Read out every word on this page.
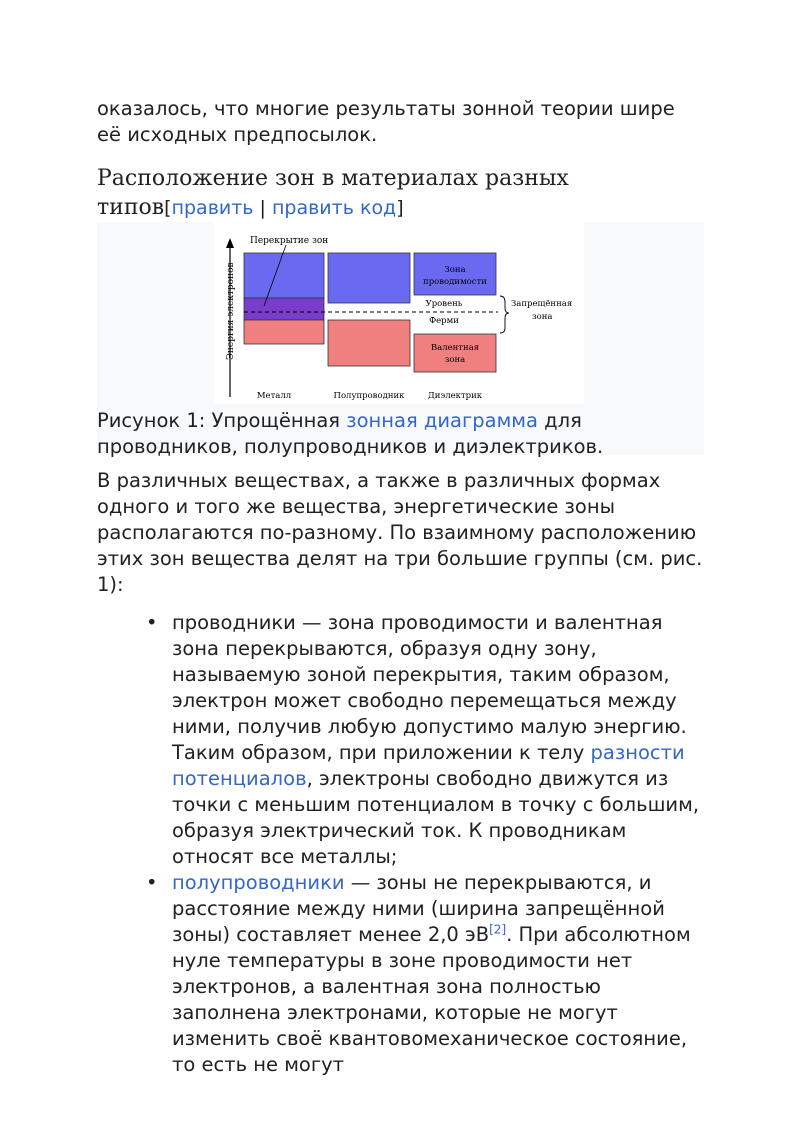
оказалось, что многие результаты зонной теории шире её исходных предпосылок.

Расположение зон в материалах разных
типов[править | править код]
Энергия электронов
Перекрытие зон
Зона
проводимости
Валентная
зона
Уровень
Ферми
Запрещённая
зона
Металл	Полупроводник	Диэлектрик

Рисунок 1: Упрощённая зонная диаграмма для проводников, полупроводников и диэлектриков.

В различных веществах, а также в различных формах одного и того же вещества, энергетические зоны располагаются по-разному. По взаимному расположению этих зон вещества делят на три большие группы (см. рис. 1):

• проводники — зона проводимости и валентная зона перекрываются, образуя одну зону, называемую зоной перекрытия, таким образом, электрон может свободно перемещаться между ними, получив любую допустимо малую энергию. Таким образом, при приложении к телу разности потенциалов, электроны свободно движутся из точки с меньшим потенциалом в точку с большим, образуя электрический ток. К проводникам относят все металлы;
• полупроводники — зоны не перекрываются, и расстояние между ними (ширина запрещённой зоны) составляет менее 2,0 эВ[2]. При абсолютном нуле температуры в зоне проводимости нет электронов, а валентная зона полностью заполнена электронами, которые не могут изменить своё квантовомеханическое состояние, то есть не могут
